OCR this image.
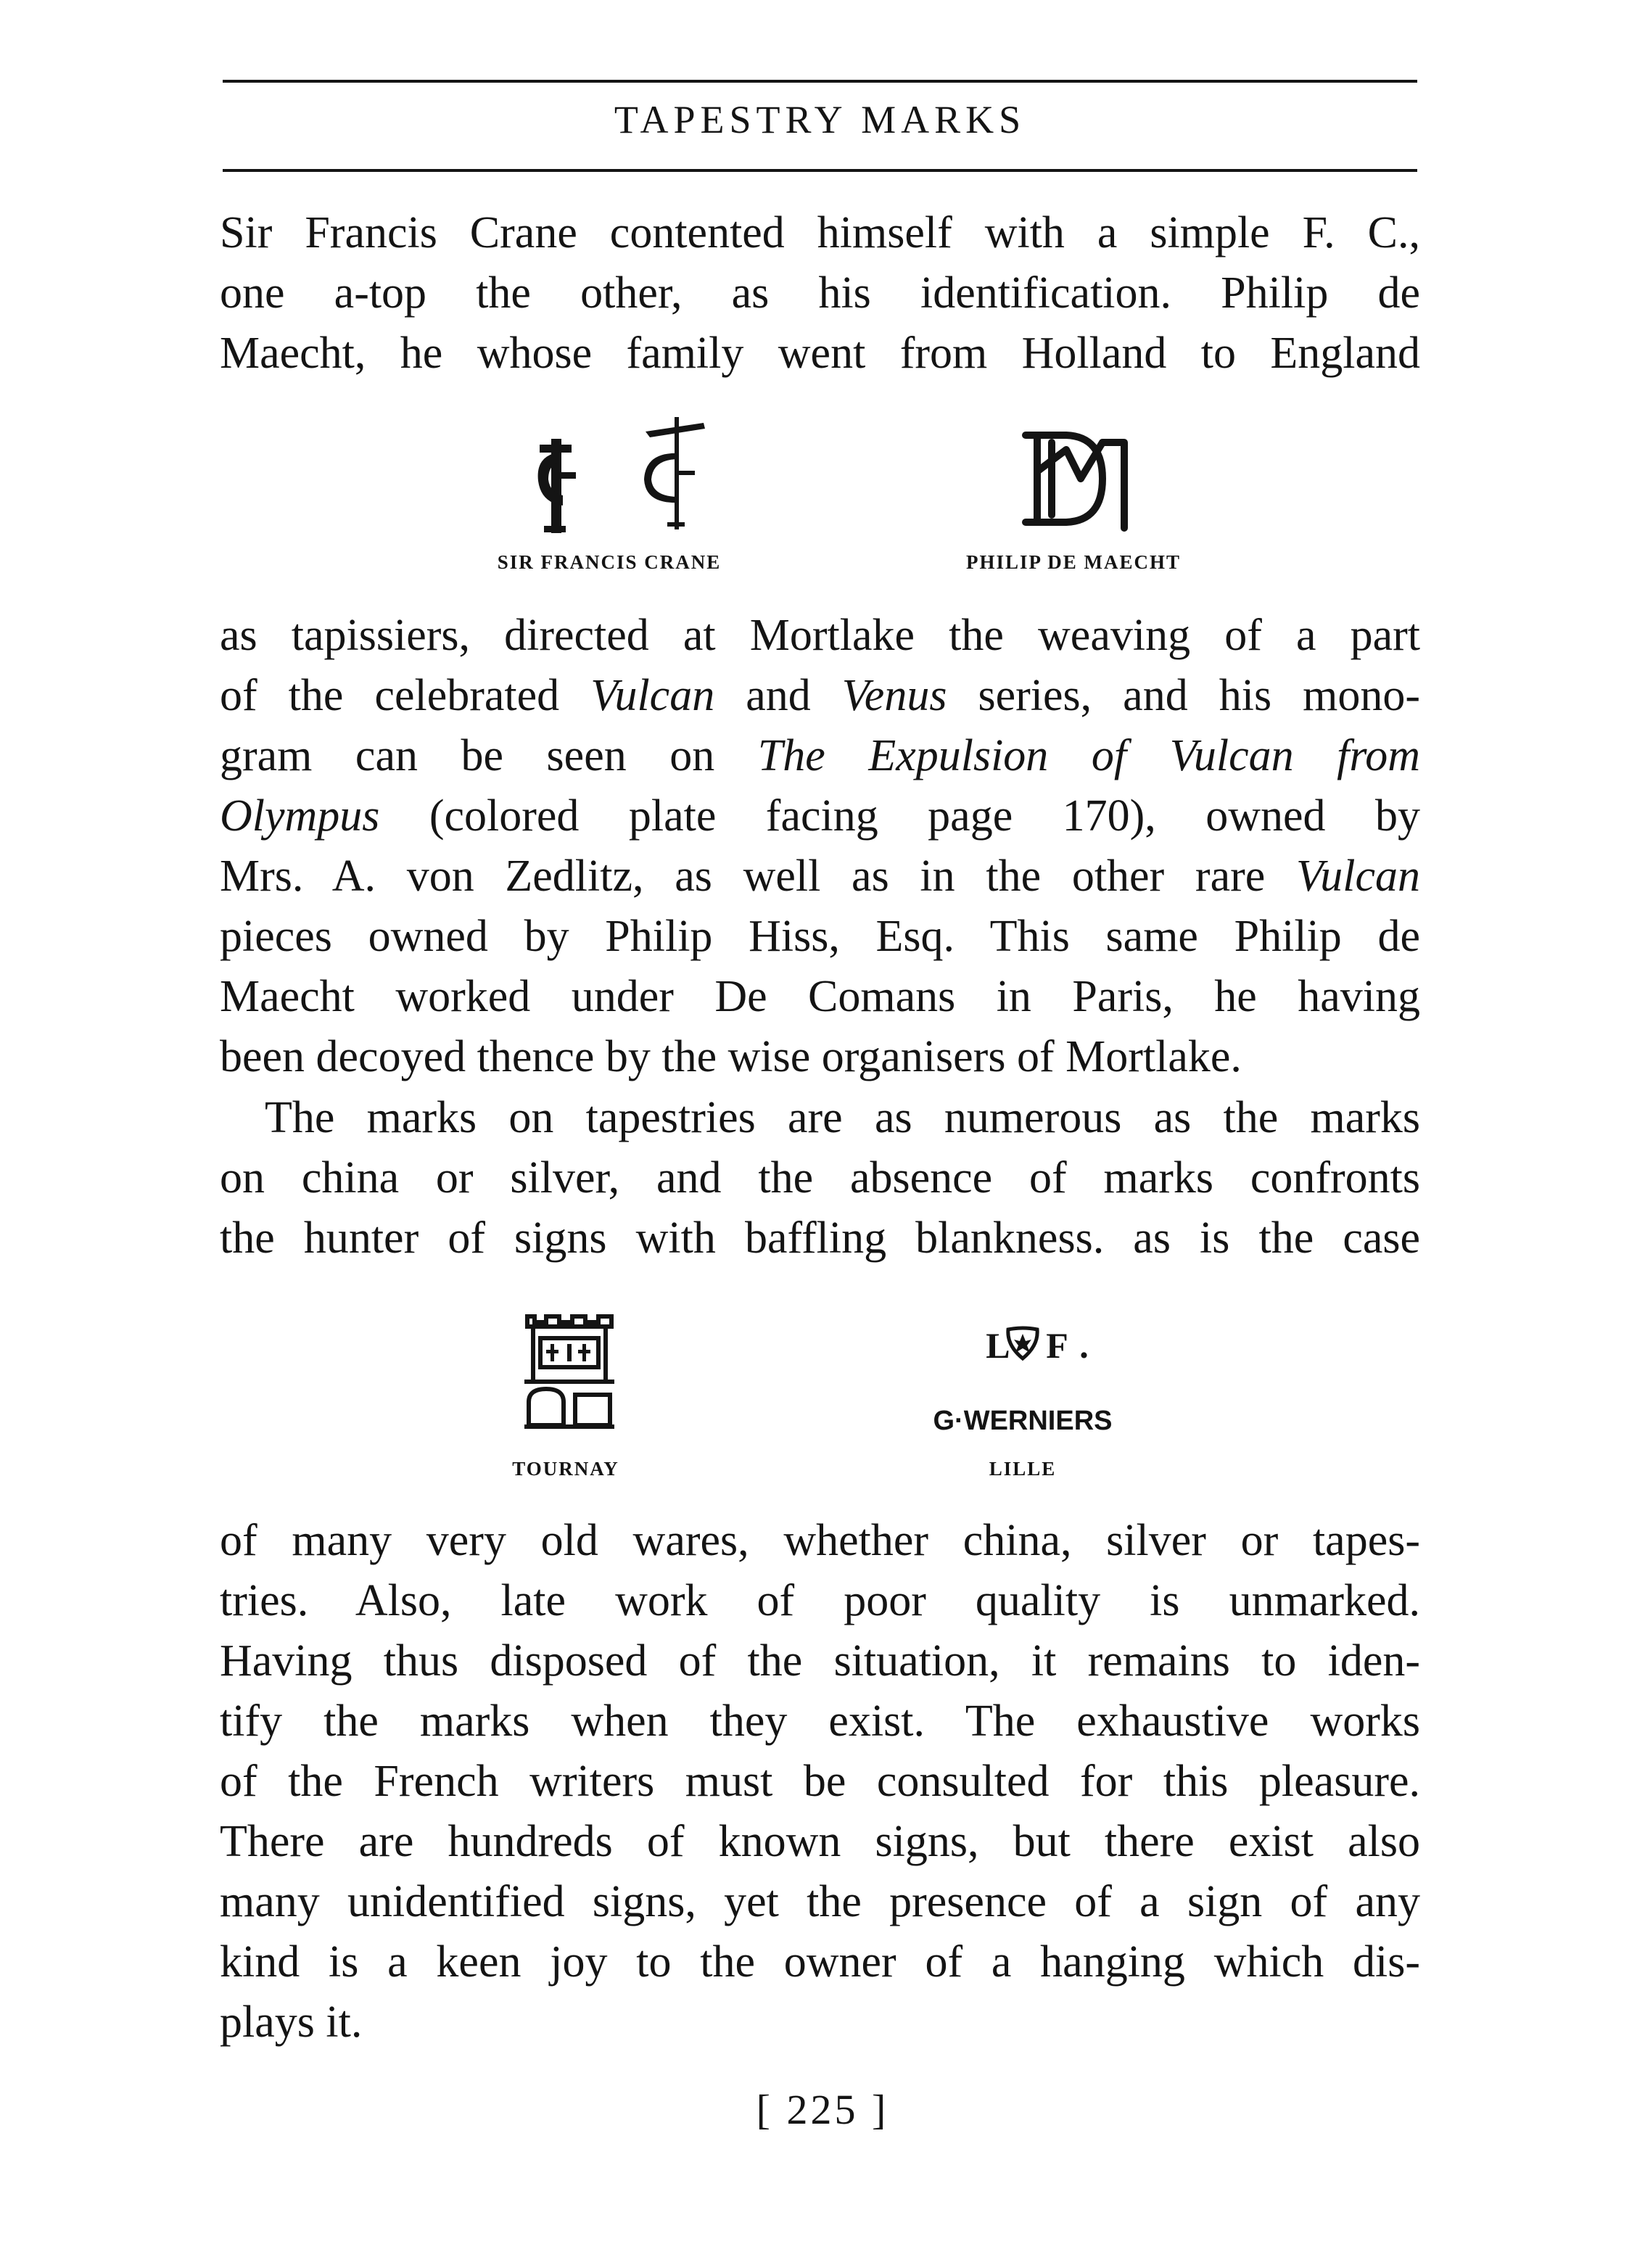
TAPESTRY MARKS
Sir Francis Crane contented himself with a simple F. C.,
one a-top the other, as his identification. Philip de
Maecht, he whose family went from Holland to England
SIR FRANCIS CRANE	PHILIP DE MAECHT
as tapissiers, directed at Mortlake the weaving of a part
of the celebrated Vulcan and Venus series, and his mono-
gram can be seen on The Expulsion of Vulcan from
Olympus (colored plate facing page 170), owned by
Mrs. A. von Zedlitz, as well as in the other rare Vulcan
pieces owned by Philip Hiss, Esq. This same Philip de
Maecht worked under De Comans in Paris, he having
been decoyed thence by the wise organisers of Mortlake.
The marks on tapestries are as numerous as the marks
on china or silver, and the absence of marks confronts
the hunter of signs with baffling blankness. as is the case
L F.
G·WERNIERS
TOURNAY	LILLE
of many very old wares, whether china, silver or tapes-
tries. Also, late work of poor quality is unmarked.
Having thus disposed of the situation, it remains to iden-
tify the marks when they exist. The exhaustive works
of the French writers must be consulted for this pleasure.
There are hundreds of known signs, but there exist also
many unidentified signs, yet the presence of a sign of any
kind is a keen joy to the owner of a hanging which dis-
plays it.
[ 225 ]
